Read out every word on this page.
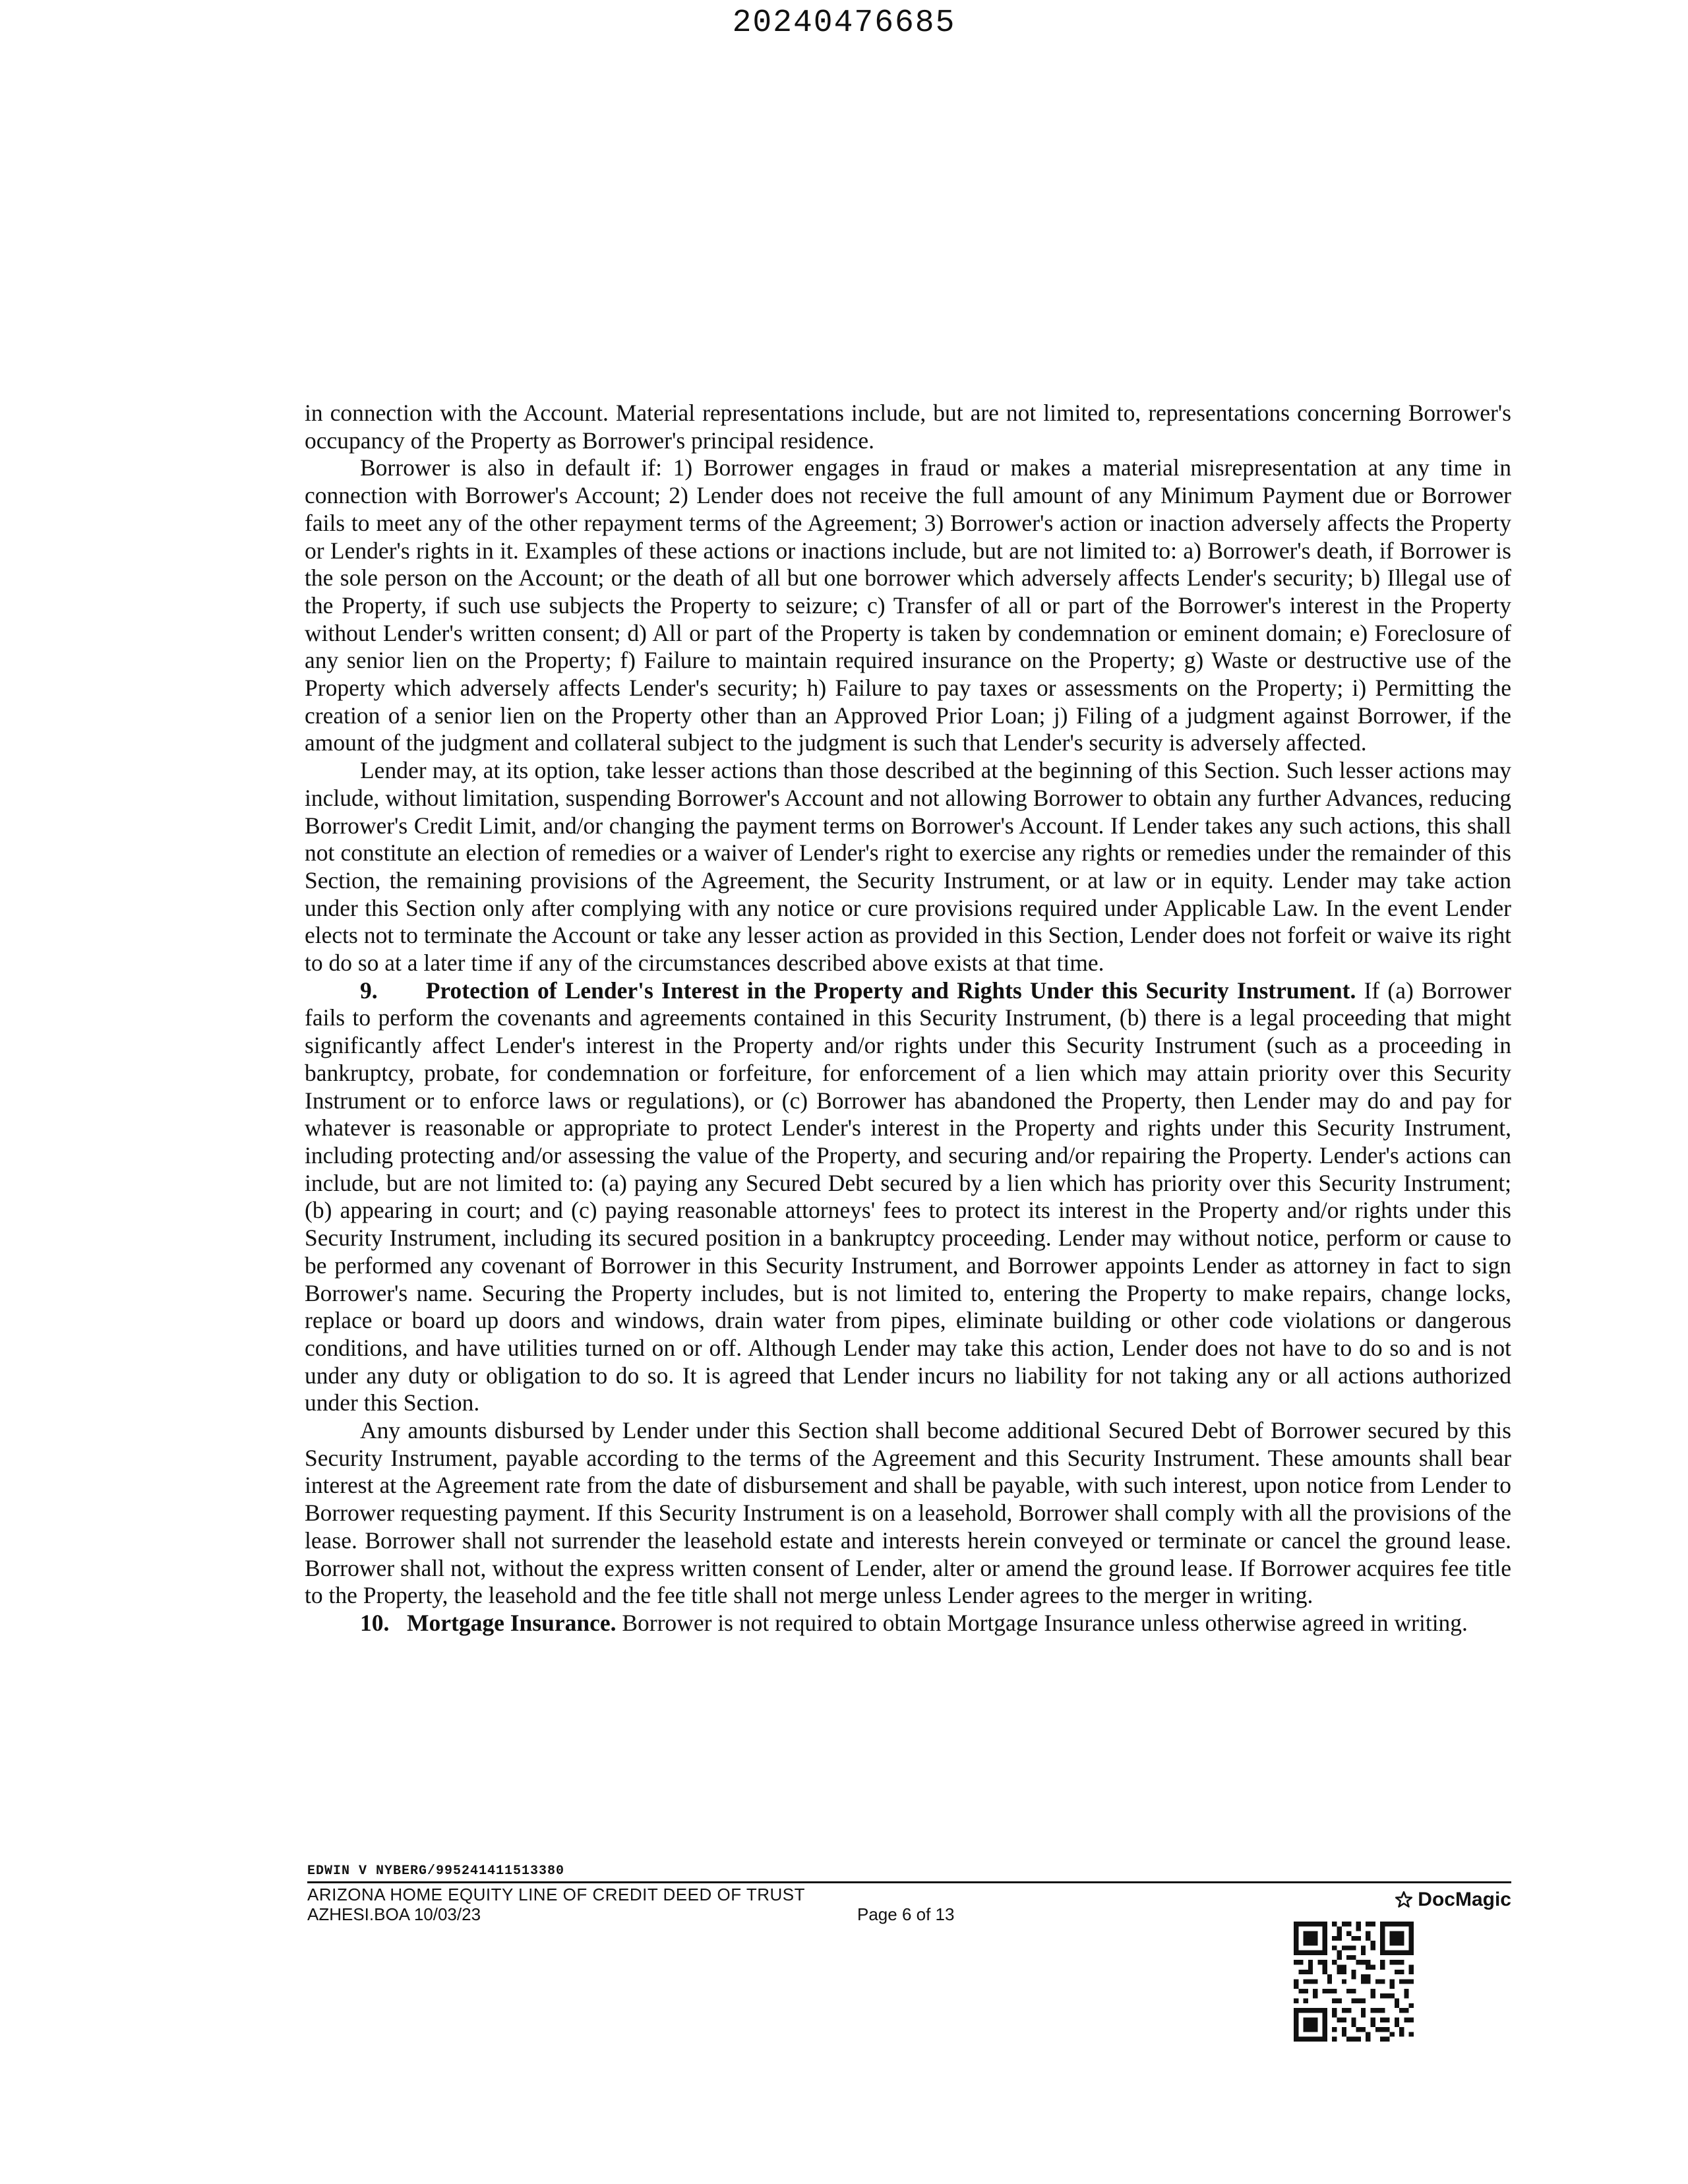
20240476685

in connection with the Account. Material representations include, but are not limited to, representations concerning Borrower's occupancy of the Property as Borrower's principal residence.

Borrower is also in default if: 1) Borrower engages in fraud or makes a material misrepresentation at any time in connection with Borrower's Account; 2) Lender does not receive the full amount of any Minimum Payment due or Borrower fails to meet any of the other repayment terms of the Agreement; 3) Borrower's action or inaction adversely affects the Property or Lender's rights in it. Examples of these actions or inactions include, but are not limited to: a) Borrower's death, if Borrower is the sole person on the Account; or the death of all but one borrower which adversely affects Lender's security; b) Illegal use of the Property, if such use subjects the Property to seizure; c) Transfer of all or part of the Borrower's interest in the Property without Lender's written consent; d) All or part of the Property is taken by condemnation or eminent domain; e) Foreclosure of any senior lien on the Property; f) Failure to maintain required insurance on the Property; g) Waste or destructive use of the Property which adversely affects Lender's security; h) Failure to pay taxes or assessments on the Property; i) Permitting the creation of a senior lien on the Property other than an Approved Prior Loan; j) Filing of a judgment against Borrower, if the amount of the judgment and collateral subject to the judgment is such that Lender's security is adversely affected.

Lender may, at its option, take lesser actions than those described at the beginning of this Section. Such lesser actions may include, without limitation, suspending Borrower's Account and not allowing Borrower to obtain any further Advances, reducing Borrower's Credit Limit, and/or changing the payment terms on Borrower's Account. If Lender takes any such actions, this shall not constitute an election of remedies or a waiver of Lender's right to exercise any rights or remedies under the remainder of this Section, the remaining provisions of the Agreement, the Security Instrument, or at law or in equity. Lender may take action under this Section only after complying with any notice or cure provisions required under Applicable Law. In the event Lender elects not to terminate the Account or take any lesser action as provided in this Section, Lender does not forfeit or waive its right to do so at a later time if any of the circumstances described above exists at that time.

9. Protection of Lender's Interest in the Property and Rights Under this Security Instrument. If (a) Borrower fails to perform the covenants and agreements contained in this Security Instrument, (b) there is a legal proceeding that might significantly affect Lender's interest in the Property and/or rights under this Security Instrument (such as a proceeding in bankruptcy, probate, for condemnation or forfeiture, for enforcement of a lien which may attain priority over this Security Instrument or to enforce laws or regulations), or (c) Borrower has abandoned the Property, then Lender may do and pay for whatever is reasonable or appropriate to protect Lender's interest in the Property and rights under this Security Instrument, including protecting and/or assessing the value of the Property, and securing and/or repairing the Property. Lender's actions can include, but are not limited to: (a) paying any Secured Debt secured by a lien which has priority over this Security Instrument; (b) appearing in court; and (c) paying reasonable attorneys' fees to protect its interest in the Property and/or rights under this Security Instrument, including its secured position in a bankruptcy proceeding. Lender may without notice, perform or cause to be performed any covenant of Borrower in this Security Instrument, and Borrower appoints Lender as attorney in fact to sign Borrower's name. Securing the Property includes, but is not limited to, entering the Property to make repairs, change locks, replace or board up doors and windows, drain water from pipes, eliminate building or other code violations or dangerous conditions, and have utilities turned on or off. Although Lender may take this action, Lender does not have to do so and is not under any duty or obligation to do so. It is agreed that Lender incurs no liability for not taking any or all actions authorized under this Section.

Any amounts disbursed by Lender under this Section shall become additional Secured Debt of Borrower secured by this Security Instrument, payable according to the terms of the Agreement and this Security Instrument. These amounts shall bear interest at the Agreement rate from the date of disbursement and shall be payable, with such interest, upon notice from Lender to Borrower requesting payment. If this Security Instrument is on a leasehold, Borrower shall comply with all the provisions of the lease. Borrower shall not surrender the leasehold estate and interests herein conveyed or terminate or cancel the ground lease. Borrower shall not, without the express written consent of Lender, alter or amend the ground lease. If Borrower acquires fee title to the Property, the leasehold and the fee title shall not merge unless Lender agrees to the merger in writing.

10. Mortgage Insurance. Borrower is not required to obtain Mortgage Insurance unless otherwise agreed in writing.

EDWIN V NYBERG/995241411513380
ARIZONA HOME EQUITY LINE OF CREDIT DEED OF TRUST
AZHESI.BOA 10/03/23	Page 6 of 13
DocMagic
